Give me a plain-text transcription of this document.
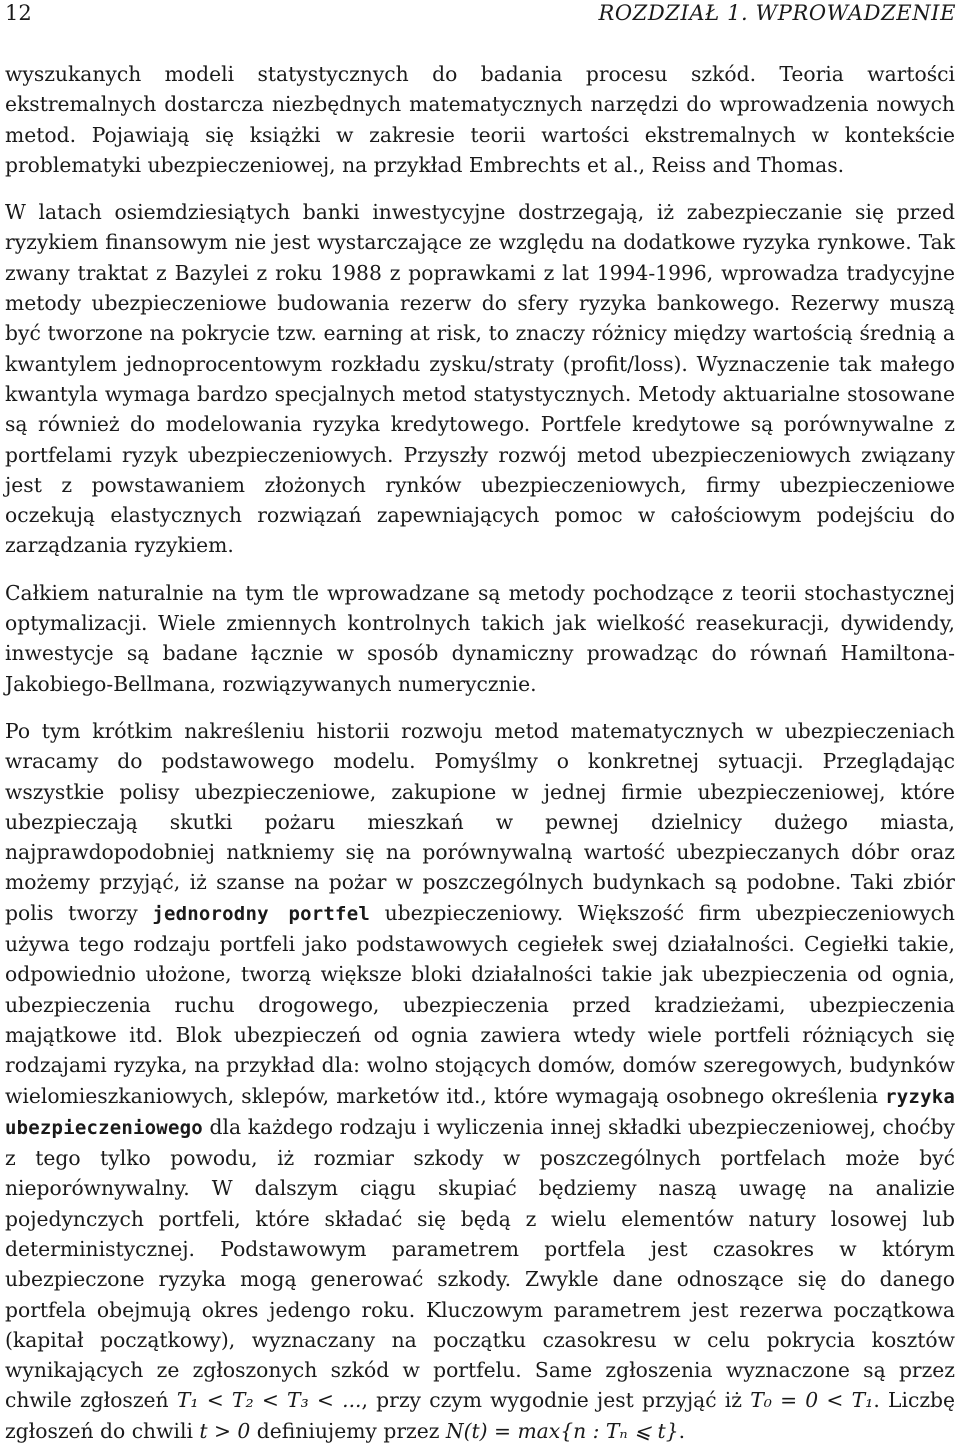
12	ROZDZIAŁ 1. WPROWADZENIE

wyszukanych modeli statystycznych do badania procesu szkód. Teoria wartości ekstremalnych dostarcza niezbędnych matematycznych narzędzi do wprowadzenia nowych metod. Pojawiają się książki w zakresie teorii wartości ekstremalnych w kontekście problematyki ubezpieczeniowej, na przykład Embrechts et al., Reiss and Thomas.

W latach osiemdziesiątych banki inwestycyjne dostrzegają, iż zabezpieczanie się przed ryzykiem finansowym nie jest wystarczające ze względu na dodatkowe ryzyka rynkowe. Tak zwany traktat z Bazylei z roku 1988 z poprawkami z lat 1994-1996, wprowadza tradycyjne metody ubezpieczeniowe budowania rezerw do sfery ryzyka bankowego. Rezerwy muszą być tworzone na pokrycie tzw. earning at risk, to znaczy różnicy między wartością średnią a kwantylem jednoprocentowym rozkładu zysku/straty (profit/loss). Wyznaczenie tak małego kwantyla wymaga bardzo specjalnych metod statystycznych. Metody aktuarialne stosowane są również do modelowania ryzyka kredytowego. Portfele kredytowe są porównywalne z portfelami ryzyk ubezpieczeniowych. Przyszły rozwój metod ubezpieczeniowych związany jest z powstawaniem złożonych rynków ubezpieczeniowych, firmy ubezpieczeniowe oczekują elastycznych rozwiązań zapewniających pomoc w całościowym podejściu do zarządzania ryzykiem.

Całkiem naturalnie na tym tle wprowadzane są metody pochodzące z teorii stochastycznej optymalizacji. Wiele zmiennych kontrolnych takich jak wielkość reasekuracji, dywidendy, inwestycje są badane łącznie w sposób dynamiczny prowadząc do równań Hamiltona-Jakobiego-Bellmana, rozwiązywanych numerycznie.

Po tym krótkim nakreśleniu historii rozwoju metod matematycznych w ubezpieczeniach wracamy do podstawowego modelu. Pomyślmy o konkretnej sytuacji. Przeglądając wszystkie polisy ubezpieczeniowe, zakupione w jednej firmie ubezpieczeniowej, które ubezpieczają skutki pożaru mieszkań w pewnej dzielnicy dużego miasta, najprawdopodobniej natkniemy się na porównywalną wartość ubezpieczanych dóbr oraz możemy przyjąć, iż szanse na pożar w poszczególnych budynkach są podobne. Taki zbiór polis tworzy jednorodny portfel ubezpieczeniowy. Większość firm ubezpieczeniowych używa tego rodzaju portfeli jako podstawowych cegiełek swej działalności. Cegiełki takie, odpowiednio ułożone, tworzą większe bloki działalności takie jak ubezpieczenia od ognia, ubezpieczenia ruchu drogowego, ubezpieczenia przed kradzieżami, ubezpieczenia majątkowe itd. Blok ubezpieczeń od ognia zawiera wtedy wiele portfeli różniących się rodzajami ryzyka, na przykład dla: wolno stojących domów, domów szeregowych, budynków wielomieszkaniowych, sklepów, marketów itd., które wymagają osobnego określenia ryzyka ubezpieczeniowego dla każdego rodzaju i wyliczenia innej składki ubezpieczeniowej, choćby z tego tylko powodu, iż rozmiar szkody w poszczególnych portfelach może być nieporównywalny. W dalszym ciągu skupiać będziemy naszą uwagę na analizie pojedynczych portfeli, które składać się będą z wielu elementów natury losowej lub deterministycznej. Podstawowym parametrem portfela jest czasokres w którym ubezpieczone ryzyka mogą generować szkody. Zwykle dane odnoszące się do danego portfela obejmują okres jedengo roku. Kluczowym parametrem jest rezerwa początkowa (kapitał początkowy), wyznaczany na początku czasokresu w celu pokrycia kosztów wynikających ze zgłoszonych szkód w portfelu. Same zgłoszenia wyznaczone są przez chwile zgłoszeń T₁ < T₂ < T₃ < ..., przy czym wygodnie jest przyjąć iż T₀ = 0 < T₁. Liczbę zgłoszeń do chwili t > 0 definiujemy przez N(t) = max{n : Tₙ ⩽ t}.
